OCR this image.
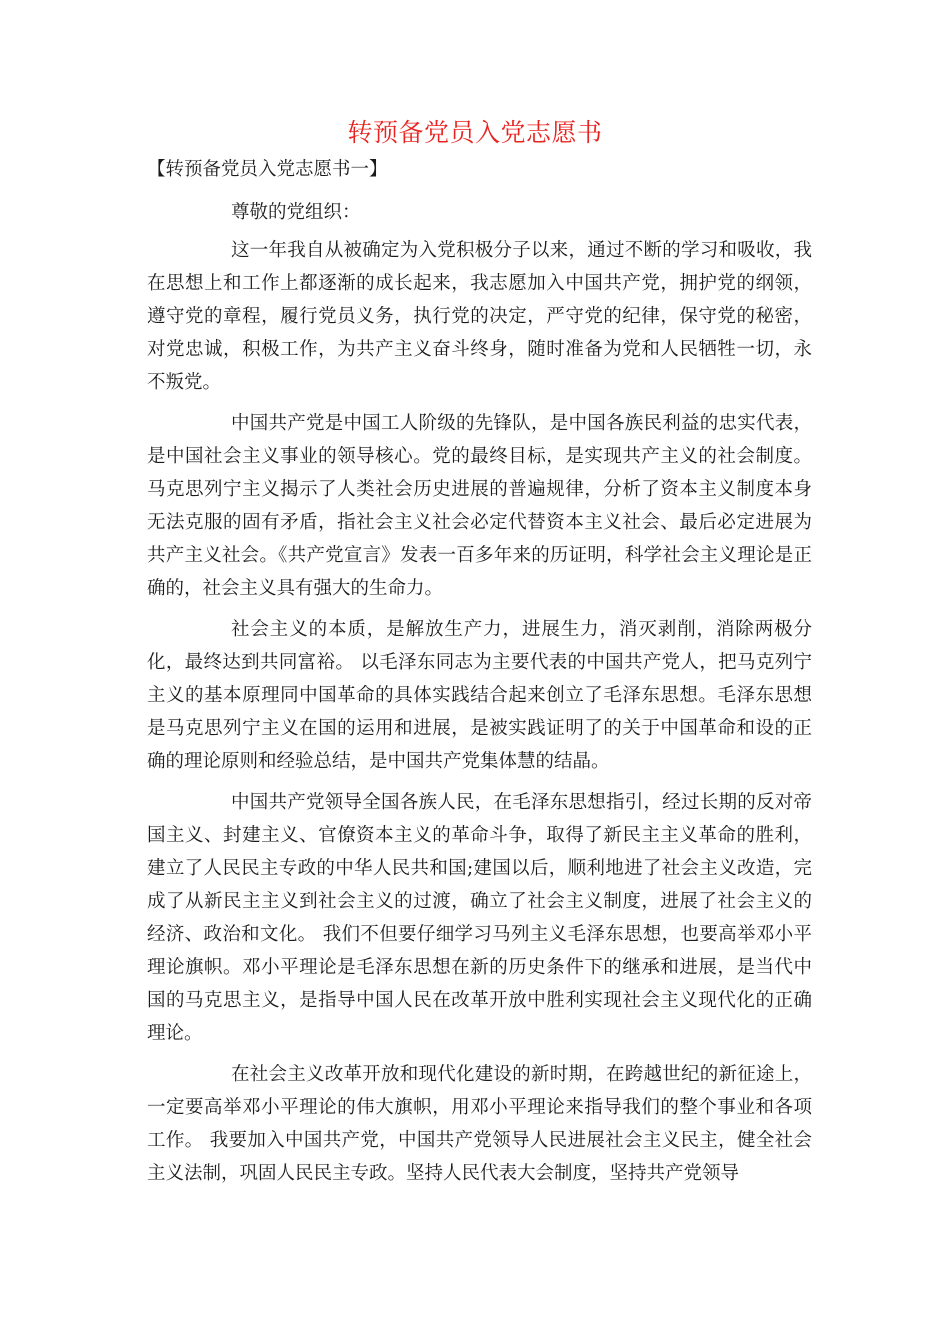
转预备党员入党志愿书
【转预备党员入党志愿书一】

尊敬的党组织：

这一年我自从被确定为入党积极分子以来，通过不断的学习和吸收，我在思想上和工作上都逐渐的成长起来，我志愿加入中国共产党，拥护党的纲领，遵守党的章程，履行党员义务，执行党的决定，严守党的纪律，保守党的秘密，对党忠诚，积极工作，为共产主义奋斗终身，随时准备为党和人民牺牲一切，永不叛党。

中国共产党是中国工人阶级的先锋队，是中国各族民利益的忠实代表，是中国社会主义事业的领导核心。党的最终目标，是实现共产主义的社会制度。马克思列宁主义揭示了人类社会历史进展的普遍规律，分析了资本主义制度本身无法克服的固有矛盾，指社会主义社会必定代替资本主义社会、最后必定进展为共产主义社会。《共产党宣言》发表一百多年来的历证明，科学社会主义理论是正确的，社会主义具有强大的生命力。

社会主义的本质，是解放生产力，进展生力，消灭剥削，消除两极分化，最终达到共同富裕。 以毛泽东同志为主要代表的中国共产党人，把马克列宁主义的基本原理同中国革命的具体实践结合起来创立了毛泽东思想。毛泽东思想是马克思列宁主义在国的运用和进展，是被实践证明了的关于中国革命和设的正确的理论原则和经验总结，是中国共产党集体慧的结晶。

中国共产党领导全国各族人民，在毛泽东思想指引，经过长期的反对帝国主义、封建主义、官僚资本主义的革命斗争，取得了新民主主义革命的胜利，建立了人民民主专政的中华人民共和国;建国以后，顺利地进了社会主义改造，完成了从新民主主义到社会主义的过渡，确立了社会主义制度，进展了社会主义的经济、政治和文化。 我们不但要仔细学习马列主义毛泽东思想，也要高举邓小平理论旗帜。邓小平理论是毛泽东思想在新的历史条件下的继承和进展，是当代中国的马克思主义，是指导中国人民在改革开放中胜利实现社会主义现代化的正确理论。

在社会主义改革开放和现代化建设的新时期，在跨越世纪的新征途上，一定要高举邓小平理论的伟大旗帜，用邓小平理论来指导我们的整个事业和各项工作。 我要加入中国共产党，中国共产党领导人民进展社会主义民主，健全社会主义法制，巩固人民民主专政。坚持人民代表大会制度，坚持共产党领导
